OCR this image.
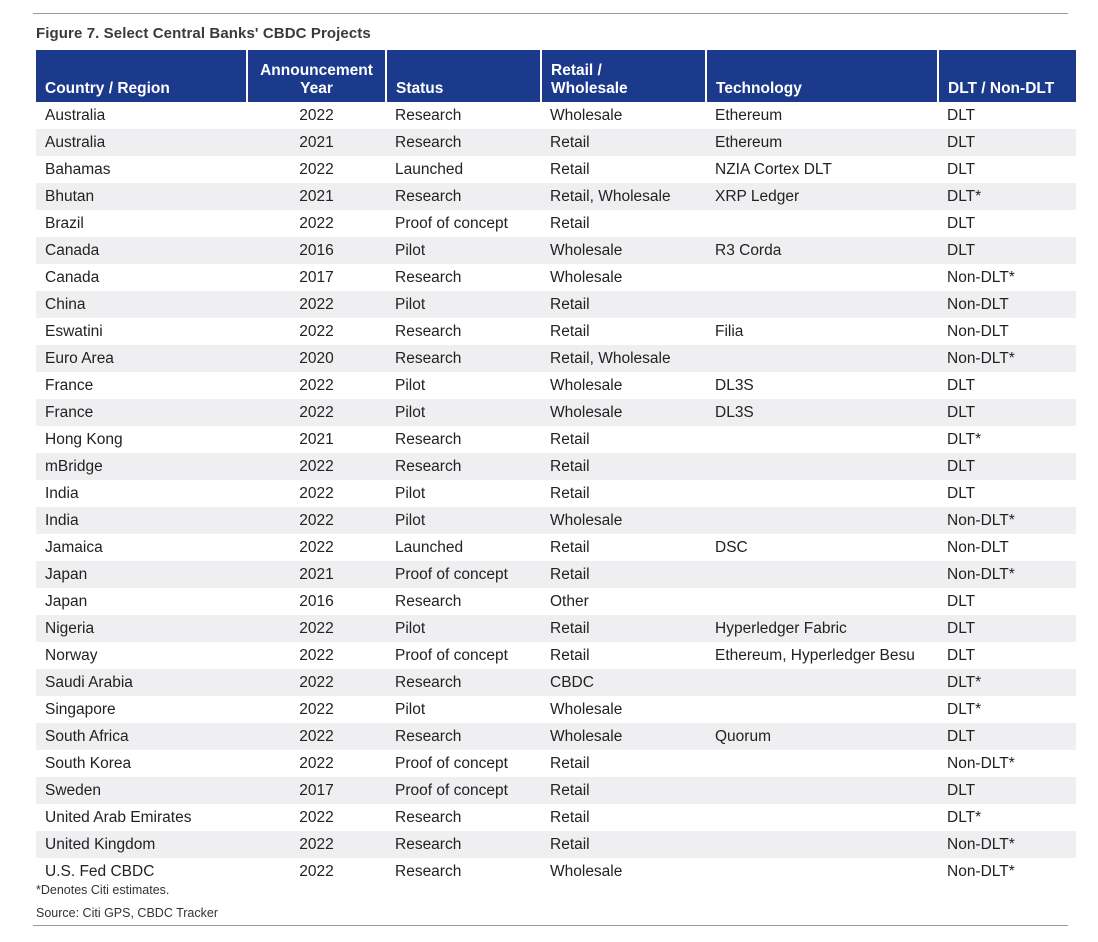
Figure 7. Select Central Banks' CBDC Projects
Country / Region	Announcement Year	Status	Retail / Wholesale	Technology	DLT / Non-DLT
Australia	2022	Research	Wholesale	Ethereum	DLT
Australia	2021	Research	Retail	Ethereum	DLT
Bahamas	2022	Launched	Retail	NZIA Cortex DLT	DLT
Bhutan	2021	Research	Retail, Wholesale	XRP Ledger	DLT*
Brazil	2022	Proof of concept	Retail		DLT
Canada	2016	Pilot	Wholesale	R3 Corda	DLT
Canada	2017	Research	Wholesale		Non-DLT*
China	2022	Pilot	Retail		Non-DLT
Eswatini	2022	Research	Retail	Filia	Non-DLT
Euro Area	2020	Research	Retail, Wholesale		Non-DLT*
France	2022	Pilot	Wholesale	DL3S	DLT
France	2022	Pilot	Wholesale	DL3S	DLT
Hong Kong	2021	Research	Retail		DLT*
mBridge	2022	Research	Retail		DLT
India	2022	Pilot	Retail		DLT
India	2022	Pilot	Wholesale		Non-DLT*
Jamaica	2022	Launched	Retail	DSC	Non-DLT
Japan	2021	Proof of concept	Retail		Non-DLT*
Japan	2016	Research	Other		DLT
Nigeria	2022	Pilot	Retail	Hyperledger Fabric	DLT
Norway	2022	Proof of concept	Retail	Ethereum, Hyperledger Besu	DLT
Saudi Arabia	2022	Research	CBDC		DLT*
Singapore	2022	Pilot	Wholesale		DLT*
South Africa	2022	Research	Wholesale	Quorum	DLT
South Korea	2022	Proof of concept	Retail		Non-DLT*
Sweden	2017	Proof of concept	Retail		DLT
United Arab Emirates	2022	Research	Retail		DLT*
United Kingdom	2022	Research	Retail		Non-DLT*
U.S. Fed CBDC	2022	Research	Wholesale		Non-DLT*
*Denotes Citi estimates.
Source: Citi GPS, CBDC Tracker
